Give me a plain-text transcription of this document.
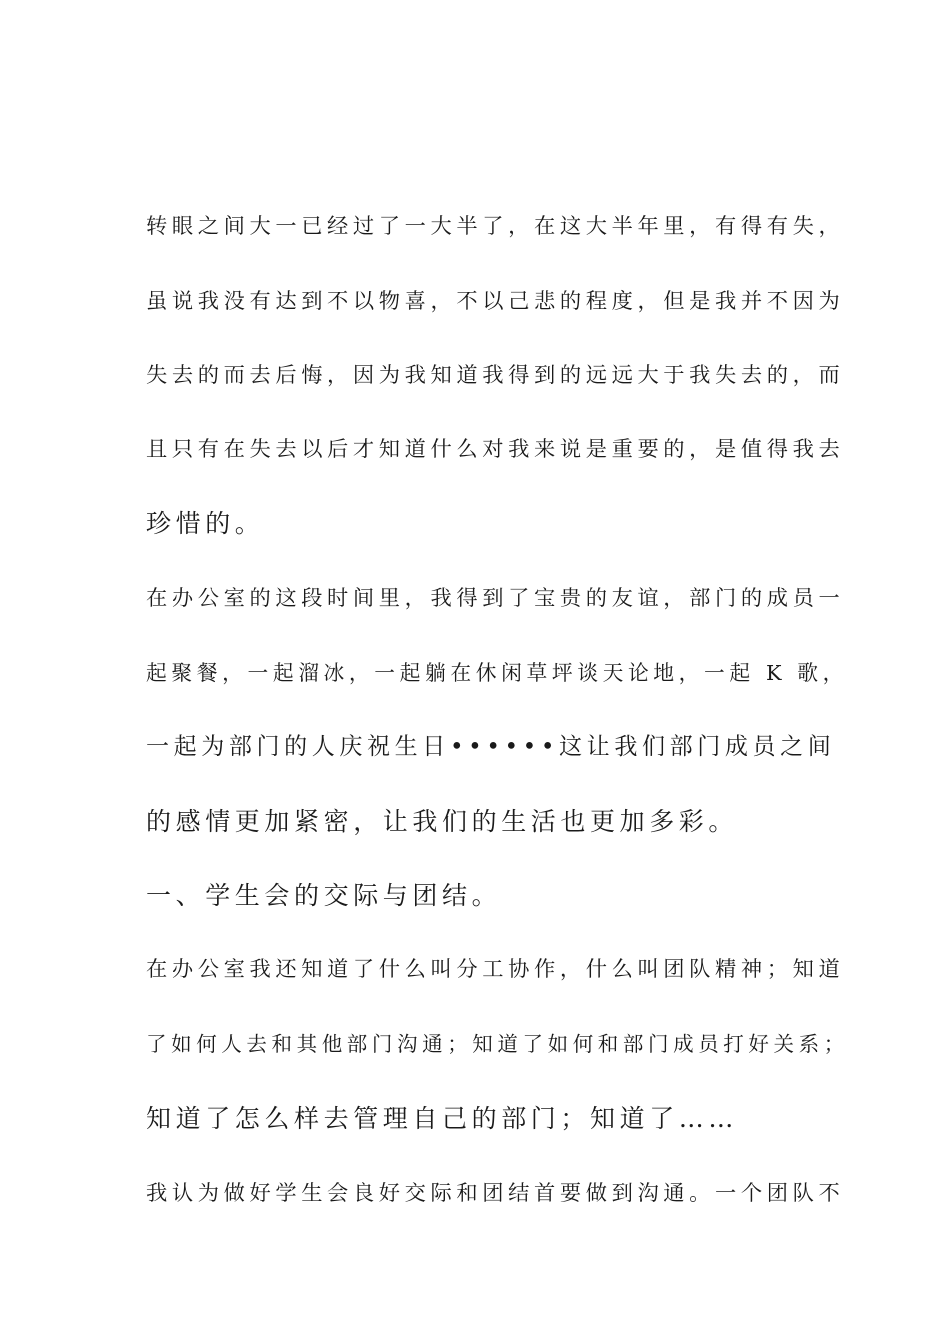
转眼之间大一已经过了一大半了，在这大半年里，有得有失，
虽说我没有达到不以物喜，不以己悲的程度，但是我并不因为
失去的而去后悔，因为我知道我得到的远远大于我失去的，而
且只有在失去以后才知道什么对我来说是重要的，是值得我去
珍惜的。
在办公室的这段时间里，我得到了宝贵的友谊，部门的成员一
起聚餐，一起溜冰，一起躺在休闲草坪谈天论地，一起 K 歌，
一起为部门的人庆祝生日••••••这让我们部门成员之间
的感情更加紧密，让我们的生活也更加多彩。
一、学生会的交际与团结。
在办公室我还知道了什么叫分工协作，什么叫团队精神；知道
了如何人去和其他部门沟通；知道了如何和部门成员打好关系；
知道了怎么样去管理自己的部门；知道了……
我认为做好学生会良好交际和团结首要做到沟通。一个团队不
